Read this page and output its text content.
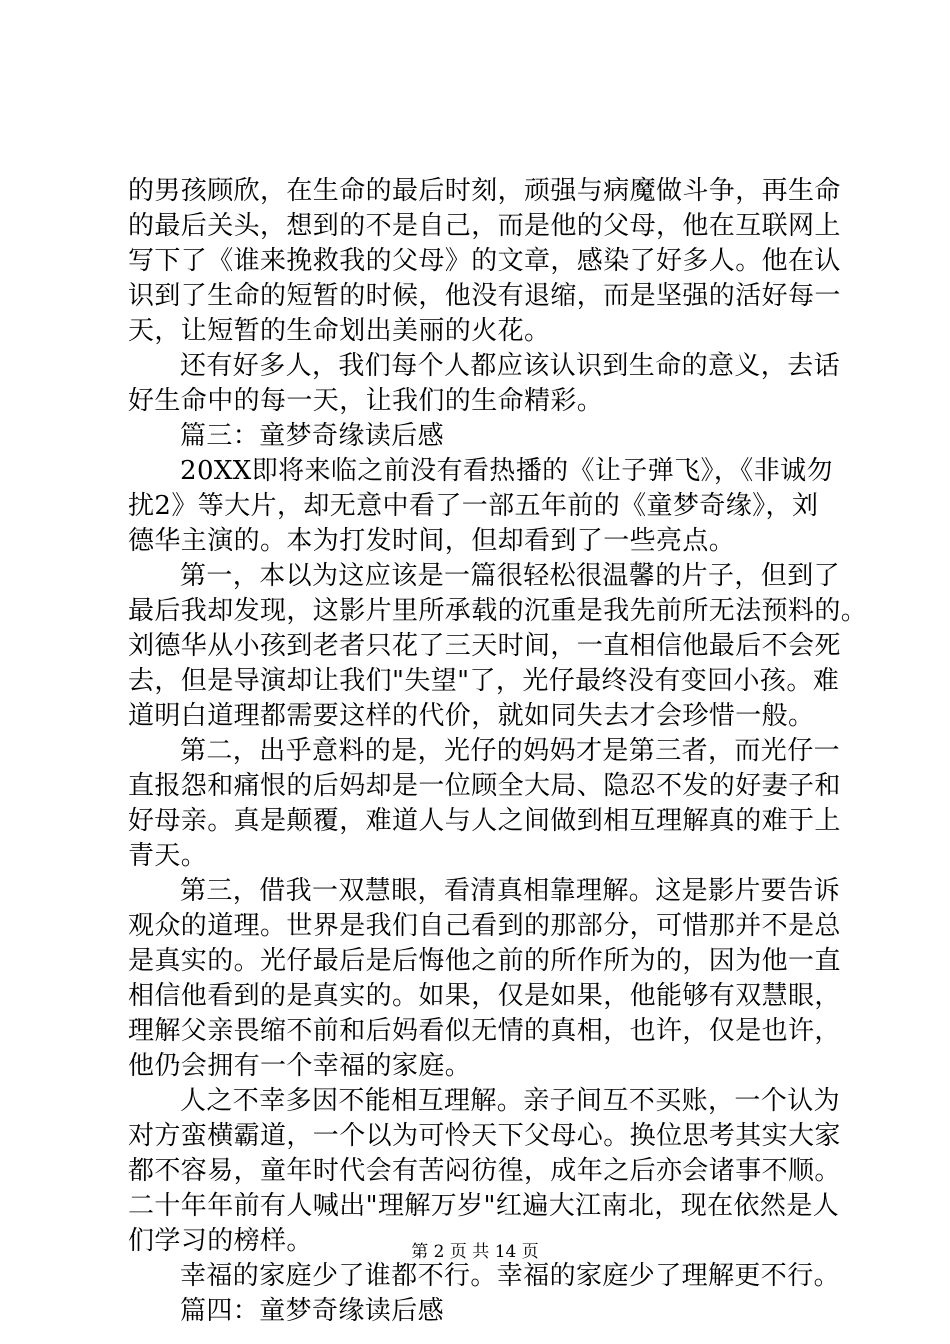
的男孩顾欣，在生命的最后时刻，顽强与病魔做斗争，再生命
的最后关头，想到的不是自己，而是他的父母，他在互联网上
写下了《谁来挽救我的父母》的文章，感染了好多人。他在认
识到了生命的短暂的时候，他没有退缩，而是坚强的活好每一
天，让短暂的生命划出美丽的火花。
还有好多人，我们每个人都应该认识到生命的意义，去话
好生命中的每一天，让我们的生命精彩。
篇三：童梦奇缘读后感
20XX即将来临之前没有看热播的《让子弹飞》，《非诚勿
扰2》等大片，却无意中看了一部五年前的《童梦奇缘》，刘
德华主演的。本为打发时间，但却看到了一些亮点。
第一，本以为这应该是一篇很轻松很温馨的片子，但到了
最后我却发现，这影片里所承载的沉重是我先前所无法预料的。
刘德华从小孩到老者只花了三天时间，一直相信他最后不会死
去，但是导演却让我们"失望"了，光仔最终没有变回小孩。难
道明白道理都需要这样的代价，就如同失去才会珍惜一般。
第二，出乎意料的是，光仔的妈妈才是第三者，而光仔一
直报怨和痛恨的后妈却是一位顾全大局、隐忍不发的好妻子和
好母亲。真是颠覆，难道人与人之间做到相互理解真的难于上
青天。
第三，借我一双慧眼，看清真相靠理解。这是影片要告诉
观众的道理。世界是我们自己看到的那部分，可惜那并不是总
是真实的。光仔最后是后悔他之前的所作所为的，因为他一直
相信他看到的是真实的。如果，仅是如果，他能够有双慧眼，
理解父亲畏缩不前和后妈看似无情的真相，也许，仅是也许，
他仍会拥有一个幸福的家庭。
人之不幸多因不能相互理解。亲子间互不买账，一个认为
对方蛮横霸道，一个以为可怜天下父母心。换位思考其实大家
都不容易，童年时代会有苦闷彷徨，成年之后亦会诸事不顺。
二十年年前有人喊出"理解万岁"红遍大江南北，现在依然是人
们学习的榜样。
幸福的家庭少了谁都不行。幸福的家庭少了理解更不行。
篇四：童梦奇缘读后感
第 2 页 共 14 页
